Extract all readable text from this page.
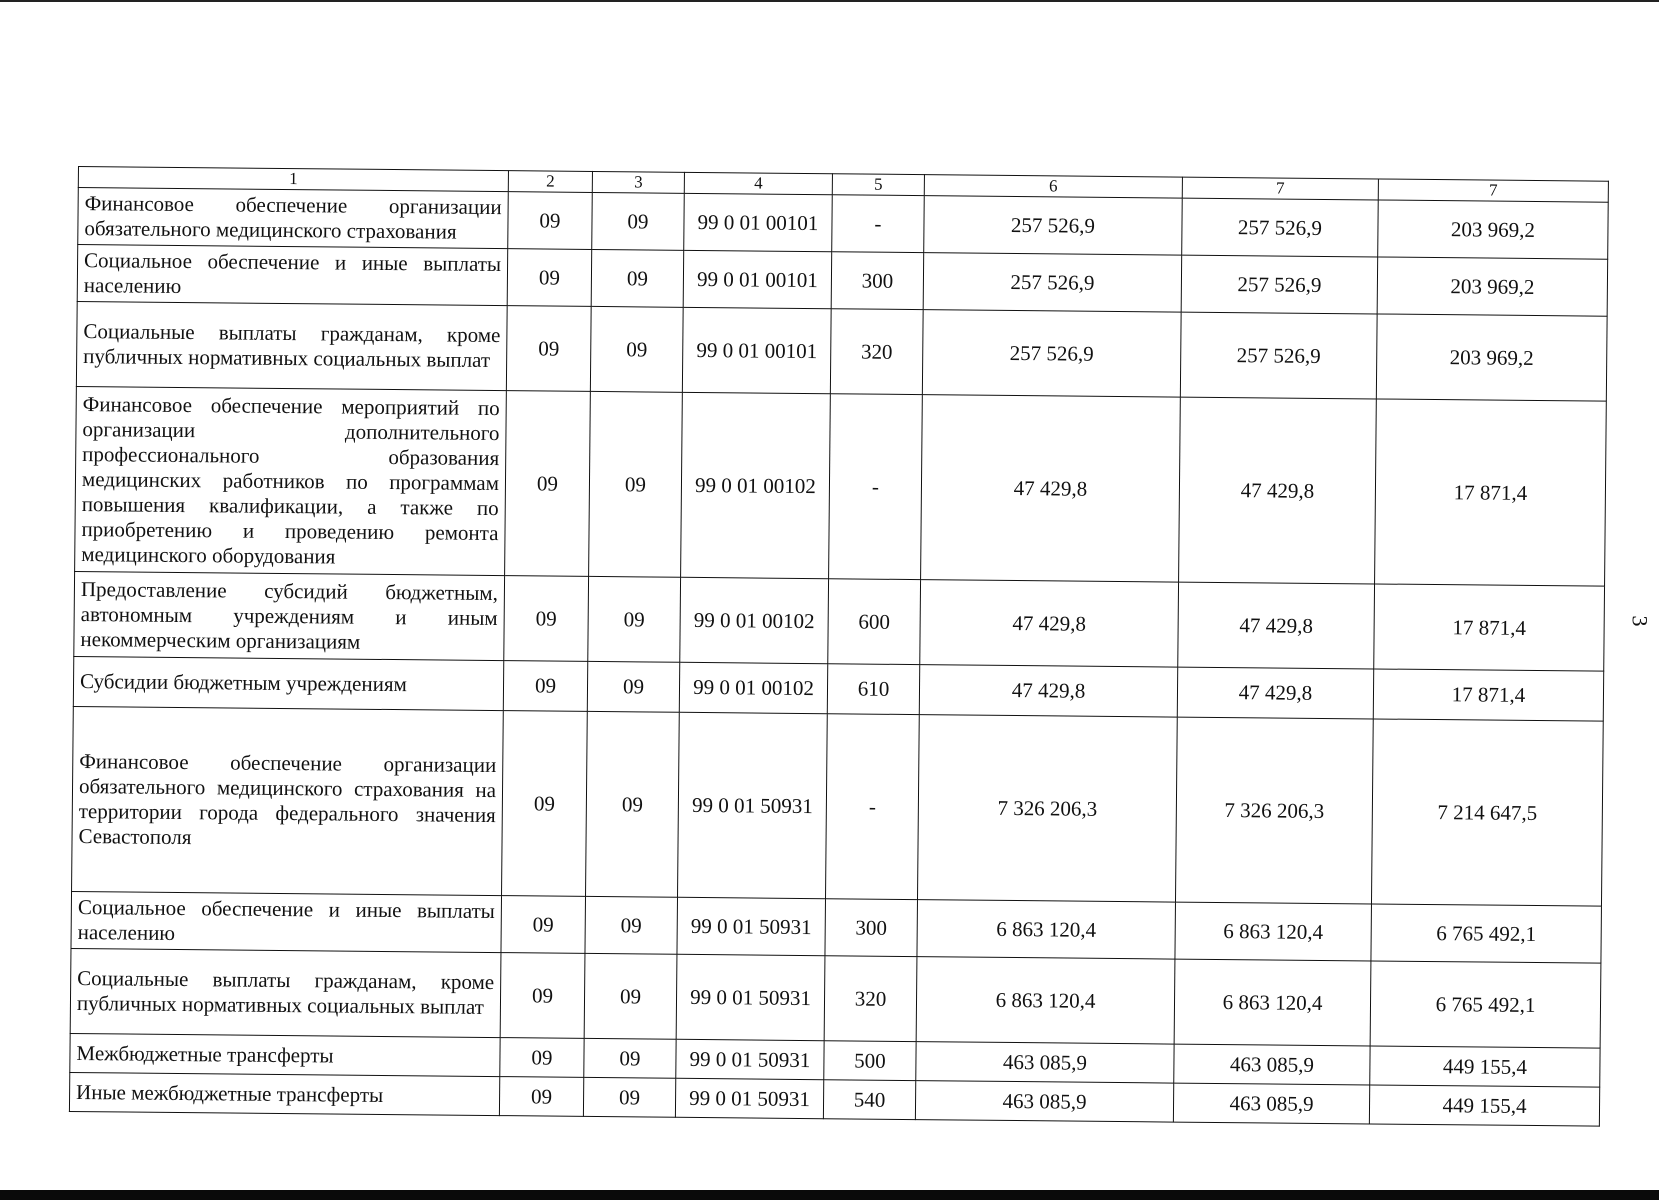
1	2	3	4	5	6	7	7
Финансовое обеспечение организации обязательного медицинского страхования	09	09	99 0 01 00101	-	257 526,9	257 526,9	203 969,2
Социальное обеспечение и иные выплаты населению	09	09	99 0 01 00101	300	257 526,9	257 526,9	203 969,2
Социальные выплаты гражданам, кроме публичных нормативных социальных выплат	09	09	99 0 01 00101	320	257 526,9	257 526,9	203 969,2
Финансовое обеспечение мероприятий по организации дополнительного профессионального образования медицинских работников по программам повышения квалификации, а также по приобретению и проведению ремонта медицинского оборудования	09	09	99 0 01 00102	-	47 429,8	47 429,8	17 871,4
Предоставление субсидий бюджетным, автономным учреждениям и иным некоммерческим организациям	09	09	99 0 01 00102	600	47 429,8	47 429,8	17 871,4
Субсидии бюджетным учреждениям	09	09	99 0 01 00102	610	47 429,8	47 429,8	17 871,4
Финансовое обеспечение организации обязательного медицинского страхования на территории города федерального значения Севастополя	09	09	99 0 01 50931	-	7 326 206,3	7 326 206,3	7 214 647,5
Социальное обеспечение и иные выплаты населению	09	09	99 0 01 50931	300	6 863 120,4	6 863 120,4	6 765 492,1
Социальные выплаты гражданам, кроме публичных нормативных социальных выплат	09	09	99 0 01 50931	320	6 863 120,4	6 863 120,4	6 765 492,1
Межбюджетные трансферты	09	09	99 0 01 50931	500	463 085,9	463 085,9	449 155,4
Иные межбюджетные трансферты	09	09	99 0 01 50931	540	463 085,9	463 085,9	449 155,4
3
